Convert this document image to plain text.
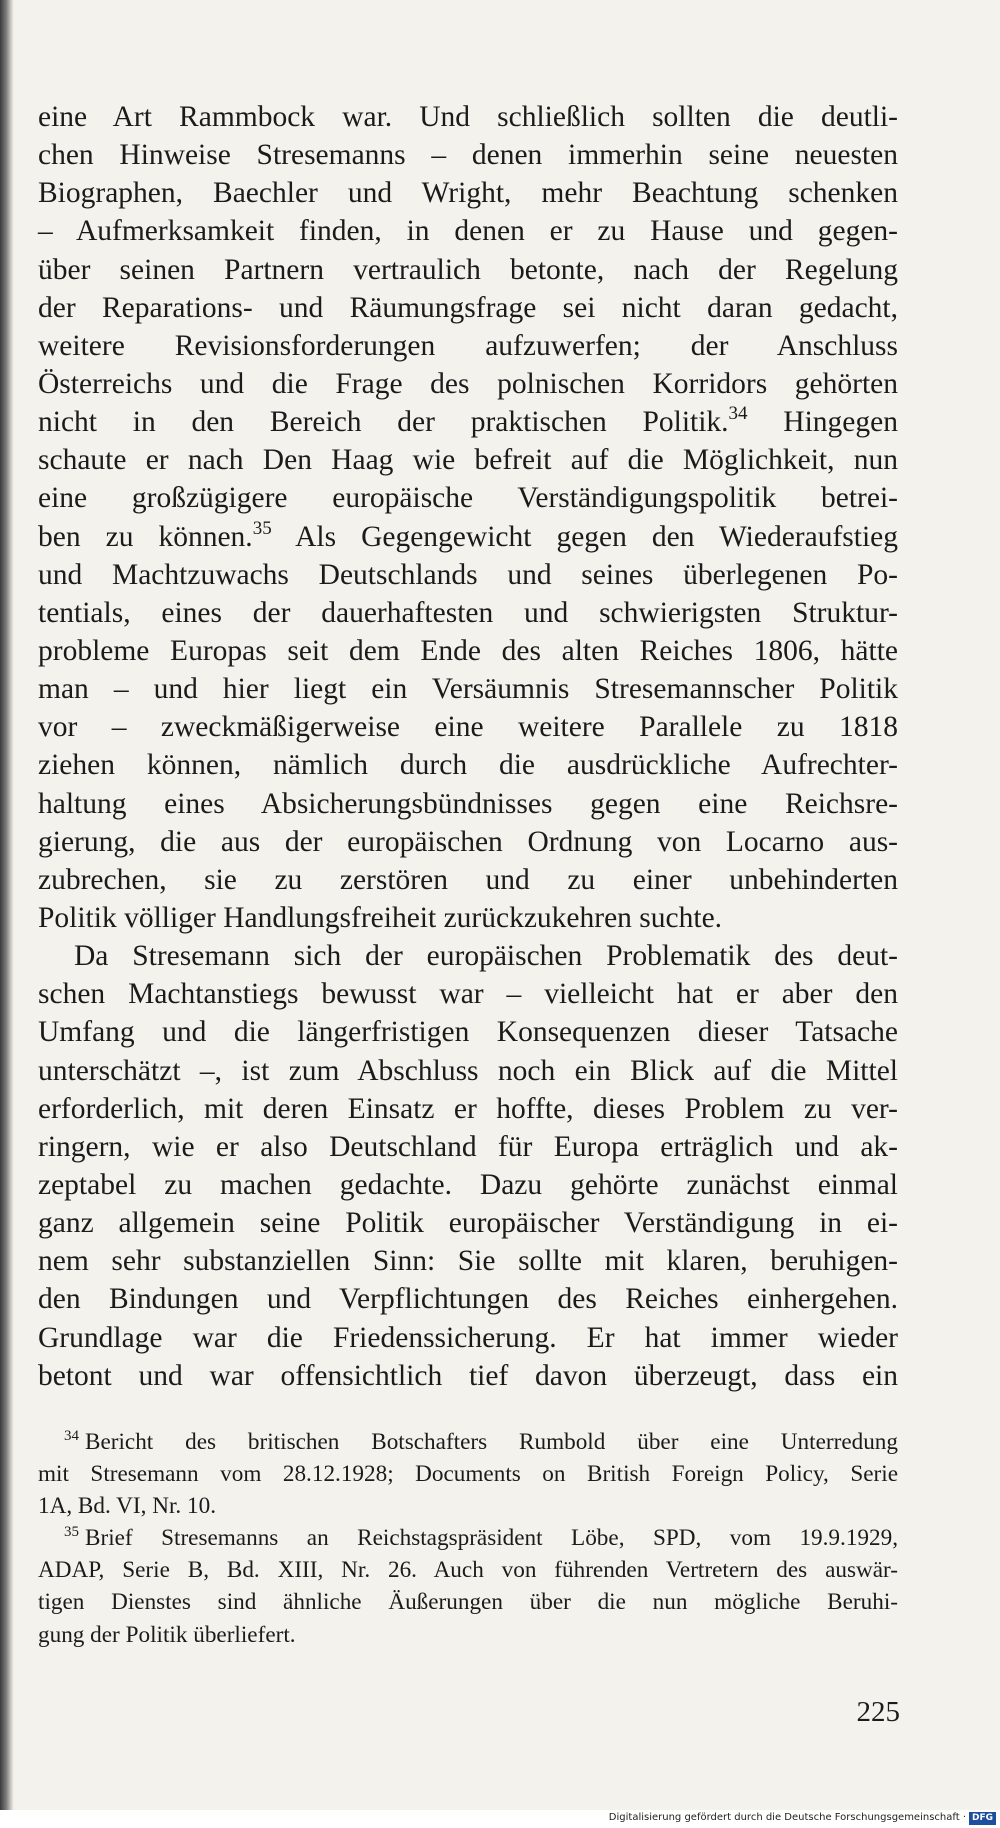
eine Art Rammbock war. Und schließlich sollten die deutli-
chen Hinweise Stresemanns – denen immerhin seine neuesten
Biographen, Baechler und Wright, mehr Beachtung schenken
– Aufmerksamkeit finden, in denen er zu Hause und gegen-
über seinen Partnern vertraulich betonte, nach der Regelung
der Reparations- und Räumungsfrage sei nicht daran gedacht,
weitere Revisionsforderungen aufzuwerfen; der Anschluss
Österreichs und die Frage des polnischen Korridors gehörten
nicht in den Bereich der praktischen Politik.$^{34}$ Hingegen
schaute er nach Den Haag wie befreit auf die Möglichkeit, nun
eine großzügigere europäische Verständigungspolitik betrei-
ben zu können.$^{35}$ Als Gegengewicht gegen den Wiederaufstieg
und Machtzuwachs Deutschlands und seines überlegenen Po-
tentials, eines der dauerhaftesten und schwierigsten Struktur-
probleme Europas seit dem Ende des alten Reiches 1806, hätte
man – und hier liegt ein Versäumnis Stresemannscher Politik
vor – zweckmäßigerweise eine weitere Parallele zu 1818
ziehen können, nämlich durch die ausdrückliche Aufrechter-
haltung eines Absicherungsbündnisses gegen eine Reichsre-
gierung, die aus der europäischen Ordnung von Locarno aus-
zubrechen, sie zu zerstören und zu einer unbehinderten
Politik völliger Handlungsfreiheit zurückzukehren suchte.
Da Stresemann sich der europäischen Problematik des deut-
schen Machtanstiegs bewusst war – vielleicht hat er aber den
Umfang und die längerfristigen Konsequenzen dieser Tatsache
unterschätzt –, ist zum Abschluss noch ein Blick auf die Mittel
erforderlich, mit deren Einsatz er hoffte, dieses Problem zu ver-
ringern, wie er also Deutschland für Europa erträglich und ak-
zeptabel zu machen gedachte. Dazu gehörte zunächst einmal
ganz allgemein seine Politik europäischer Verständigung in ei-
nem sehr substanziellen Sinn: Sie sollte mit klaren, beruhigen-
den Bindungen und Verpflichtungen des Reiches einhergehen.
Grundlage war die Friedenssicherung. Er hat immer wieder
betont und war offensichtlich tief davon überzeugt, dass ein
$^{34}$ Bericht des britischen Botschafters Rumbold über eine Unterredung
mit Stresemann vom 28.12.1928; Documents on British Foreign Policy, Serie
1A, Bd. VI, Nr. 10.
$^{35}$ Brief Stresemanns an Reichstagspräsident Löbe, SPD, vom 19.9.1929,
ADAP, Serie B, Bd. XIII, Nr. 26. Auch von führenden Vertretern des auswär-
tigen Dienstes sind ähnliche Äußerungen über die nun mögliche Beruhi-
gung der Politik überliefert.
225
Digitalisierung gefördert durch die Deutsche Forschungsgemeinschaft · DFG
